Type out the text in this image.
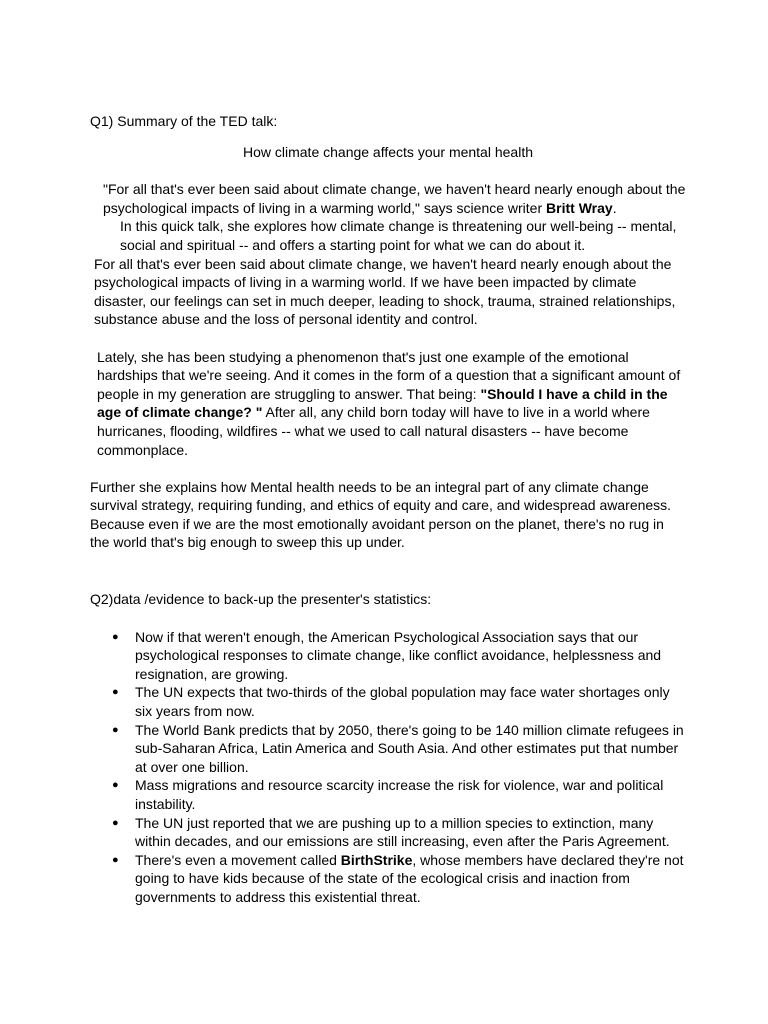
Q1) Summary of the TED talk:

How climate change affects your mental health

"For all that's ever been said about climate change, we haven't heard nearly enough about the psychological impacts of living in a warming world," says science writer Britt Wray.

In this quick talk, she explores how climate change is threatening our well-being -- mental, social and spiritual -- and offers a starting point for what we can do about it.

For all that's ever been said about climate change, we haven't heard nearly enough about the psychological impacts of living in a warming world. If we have been impacted by climate disaster, our feelings can set in much deeper, leading to shock, trauma, strained relationships, substance abuse and the loss of personal identity and control.

Lately, she has been studying a phenomenon that's just one example of the emotional hardships that we're seeing. And it comes in the form of a question that a significant amount of people in my generation are struggling to answer. That being: "Should I have a child in the age of climate change? " After all, any child born today will have to live in a world where hurricanes, flooding, wildfires -- what we used to call natural disasters -- have become commonplace.

Further she explains how Mental health needs to be an integral part of any climate change survival strategy, requiring funding, and ethics of equity and care, and widespread awareness. Because even if we are the most emotionally avoidant person on the planet, there's no rug in the world that's big enough to sweep this up under.

Q2)data /evidence to back-up the presenter's statistics:

● Now if that weren't enough, the American Psychological Association says that our psychological responses to climate change, like conflict avoidance, helplessness and resignation, are growing.
● The UN expects that two-thirds of the global population may face water shortages only six years from now.
● The World Bank predicts that by 2050, there's going to be 140 million climate refugees in sub-Saharan Africa, Latin America and South Asia. And other estimates put that number at over one billion.
● Mass migrations and resource scarcity increase the risk for violence, war and political instability.
● The UN just reported that we are pushing up to a million species to extinction, many within decades, and our emissions are still increasing, even after the Paris Agreement.
● There's even a movement called BirthStrike, whose members have declared they're not going to have kids because of the state of the ecological crisis and inaction from governments to address this existential threat.
